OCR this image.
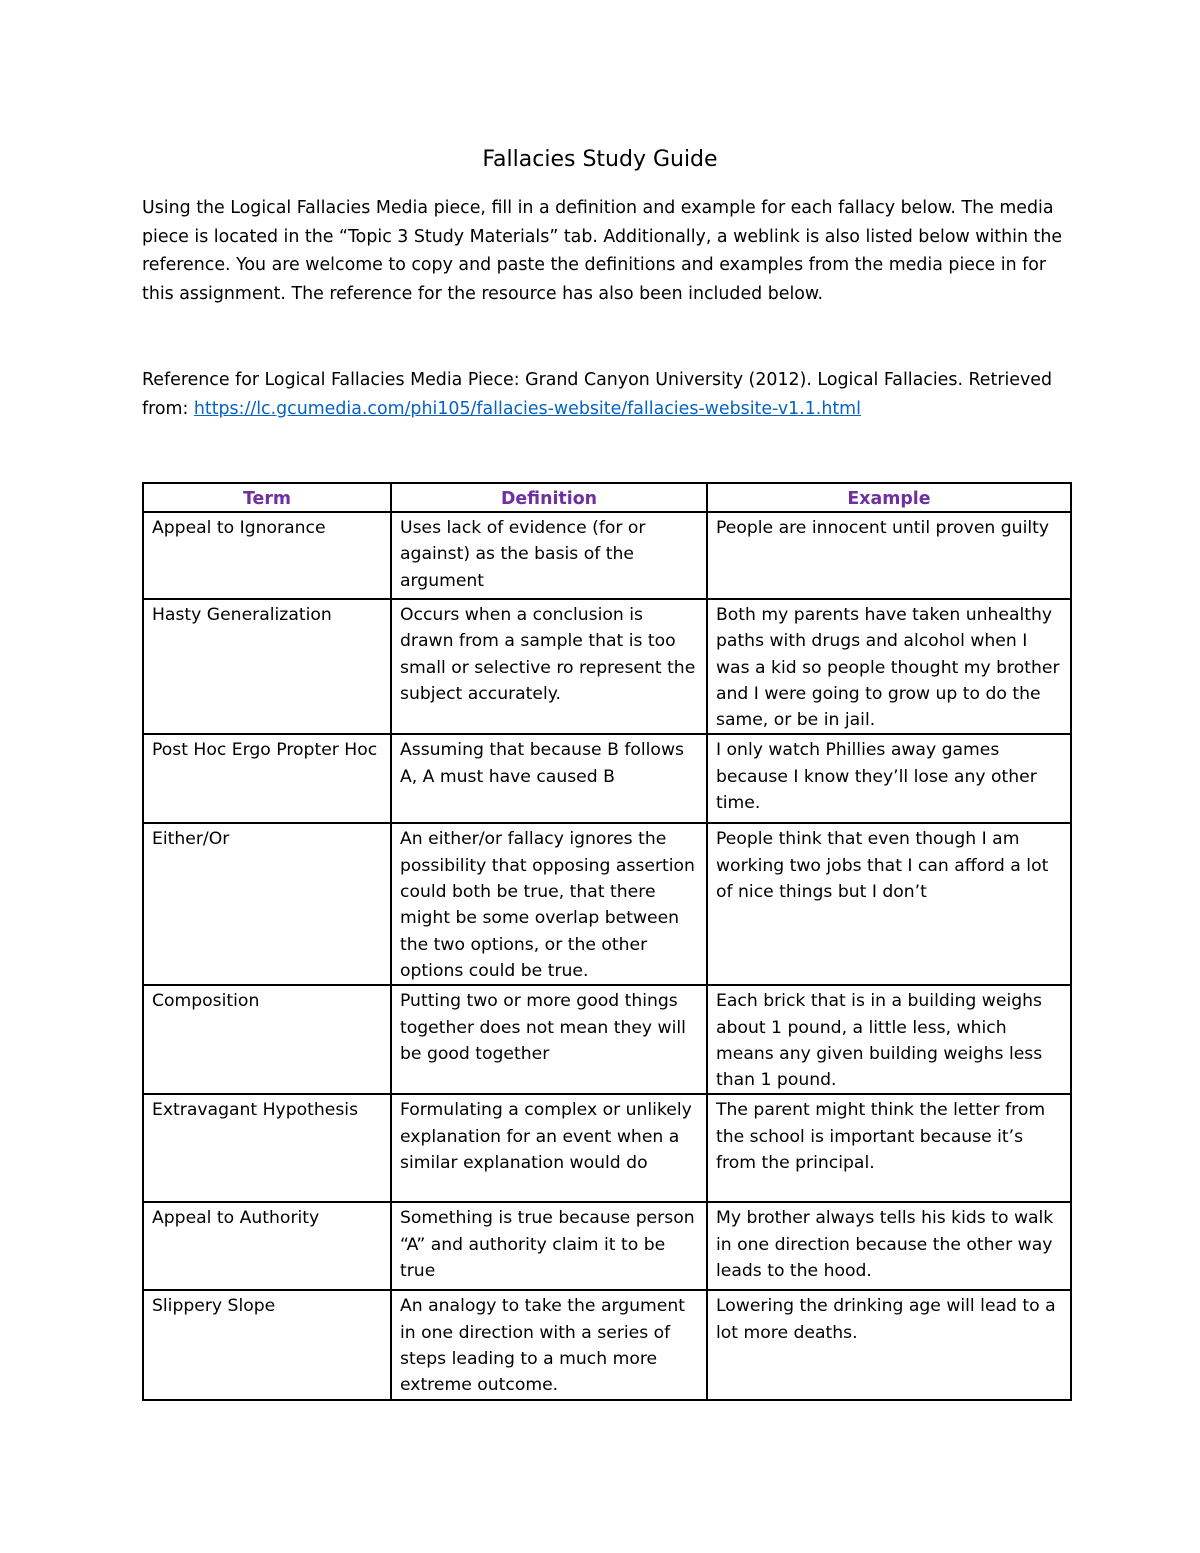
Fallacies Study Guide

Using the Logical Fallacies Media piece, fill in a definition and example for each fallacy below. The media piece is located in the “Topic 3 Study Materials” tab. Additionally, a weblink is also listed below within the reference. You are welcome to copy and paste the definitions and examples from the media piece in for this assignment. The reference for the resource has also been included below.

Reference for Logical Fallacies Media Piece: Grand Canyon University (2012). Logical Fallacies. Retrieved from: https://lc.gcumedia.com/phi105/fallacies-website/fallacies-website-v1.1.html
Term	Definition	Example
Appeal to Ignorance	Uses lack of evidence (for or against) as the basis of the argument	People are innocent until proven guilty
Hasty Generalization	Occurs when a conclusion is drawn from a sample that is too small or selective ro represent the subject accurately.	Both my parents have taken unhealthy paths with drugs and alcohol when I was a kid so people thought my brother and I were going to grow up to do the same, or be in jail.
Post Hoc Ergo Propter Hoc	Assuming that because B follows A, A must have caused B	I only watch Phillies away games because I know they’ll lose any other time.
Either/Or	An either/or fallacy ignores the possibility that opposing assertion could both be true, that there might be some overlap between the two options, or the other options could be true.	People think that even though I am working two jobs that I can afford a lot of nice things but I don’t
Composition	Putting two or more good things together does not mean they will be good together	Each brick that is in a building weighs about 1 pound, a little less, which means any given building weighs less than 1 pound.
Extravagant Hypothesis	Formulating a complex or unlikely explanation for an event when a similar explanation would do	The parent might think the letter from the school is important because it’s from the principal.
Appeal to Authority	Something is true because person “A” and authority claim it to be true	My brother always tells his kids to walk in one direction because the other way leads to the hood.
Slippery Slope	An analogy to take the argument in one direction with a series of steps leading to a much more extreme outcome.	Lowering the drinking age will lead to a lot more deaths.
